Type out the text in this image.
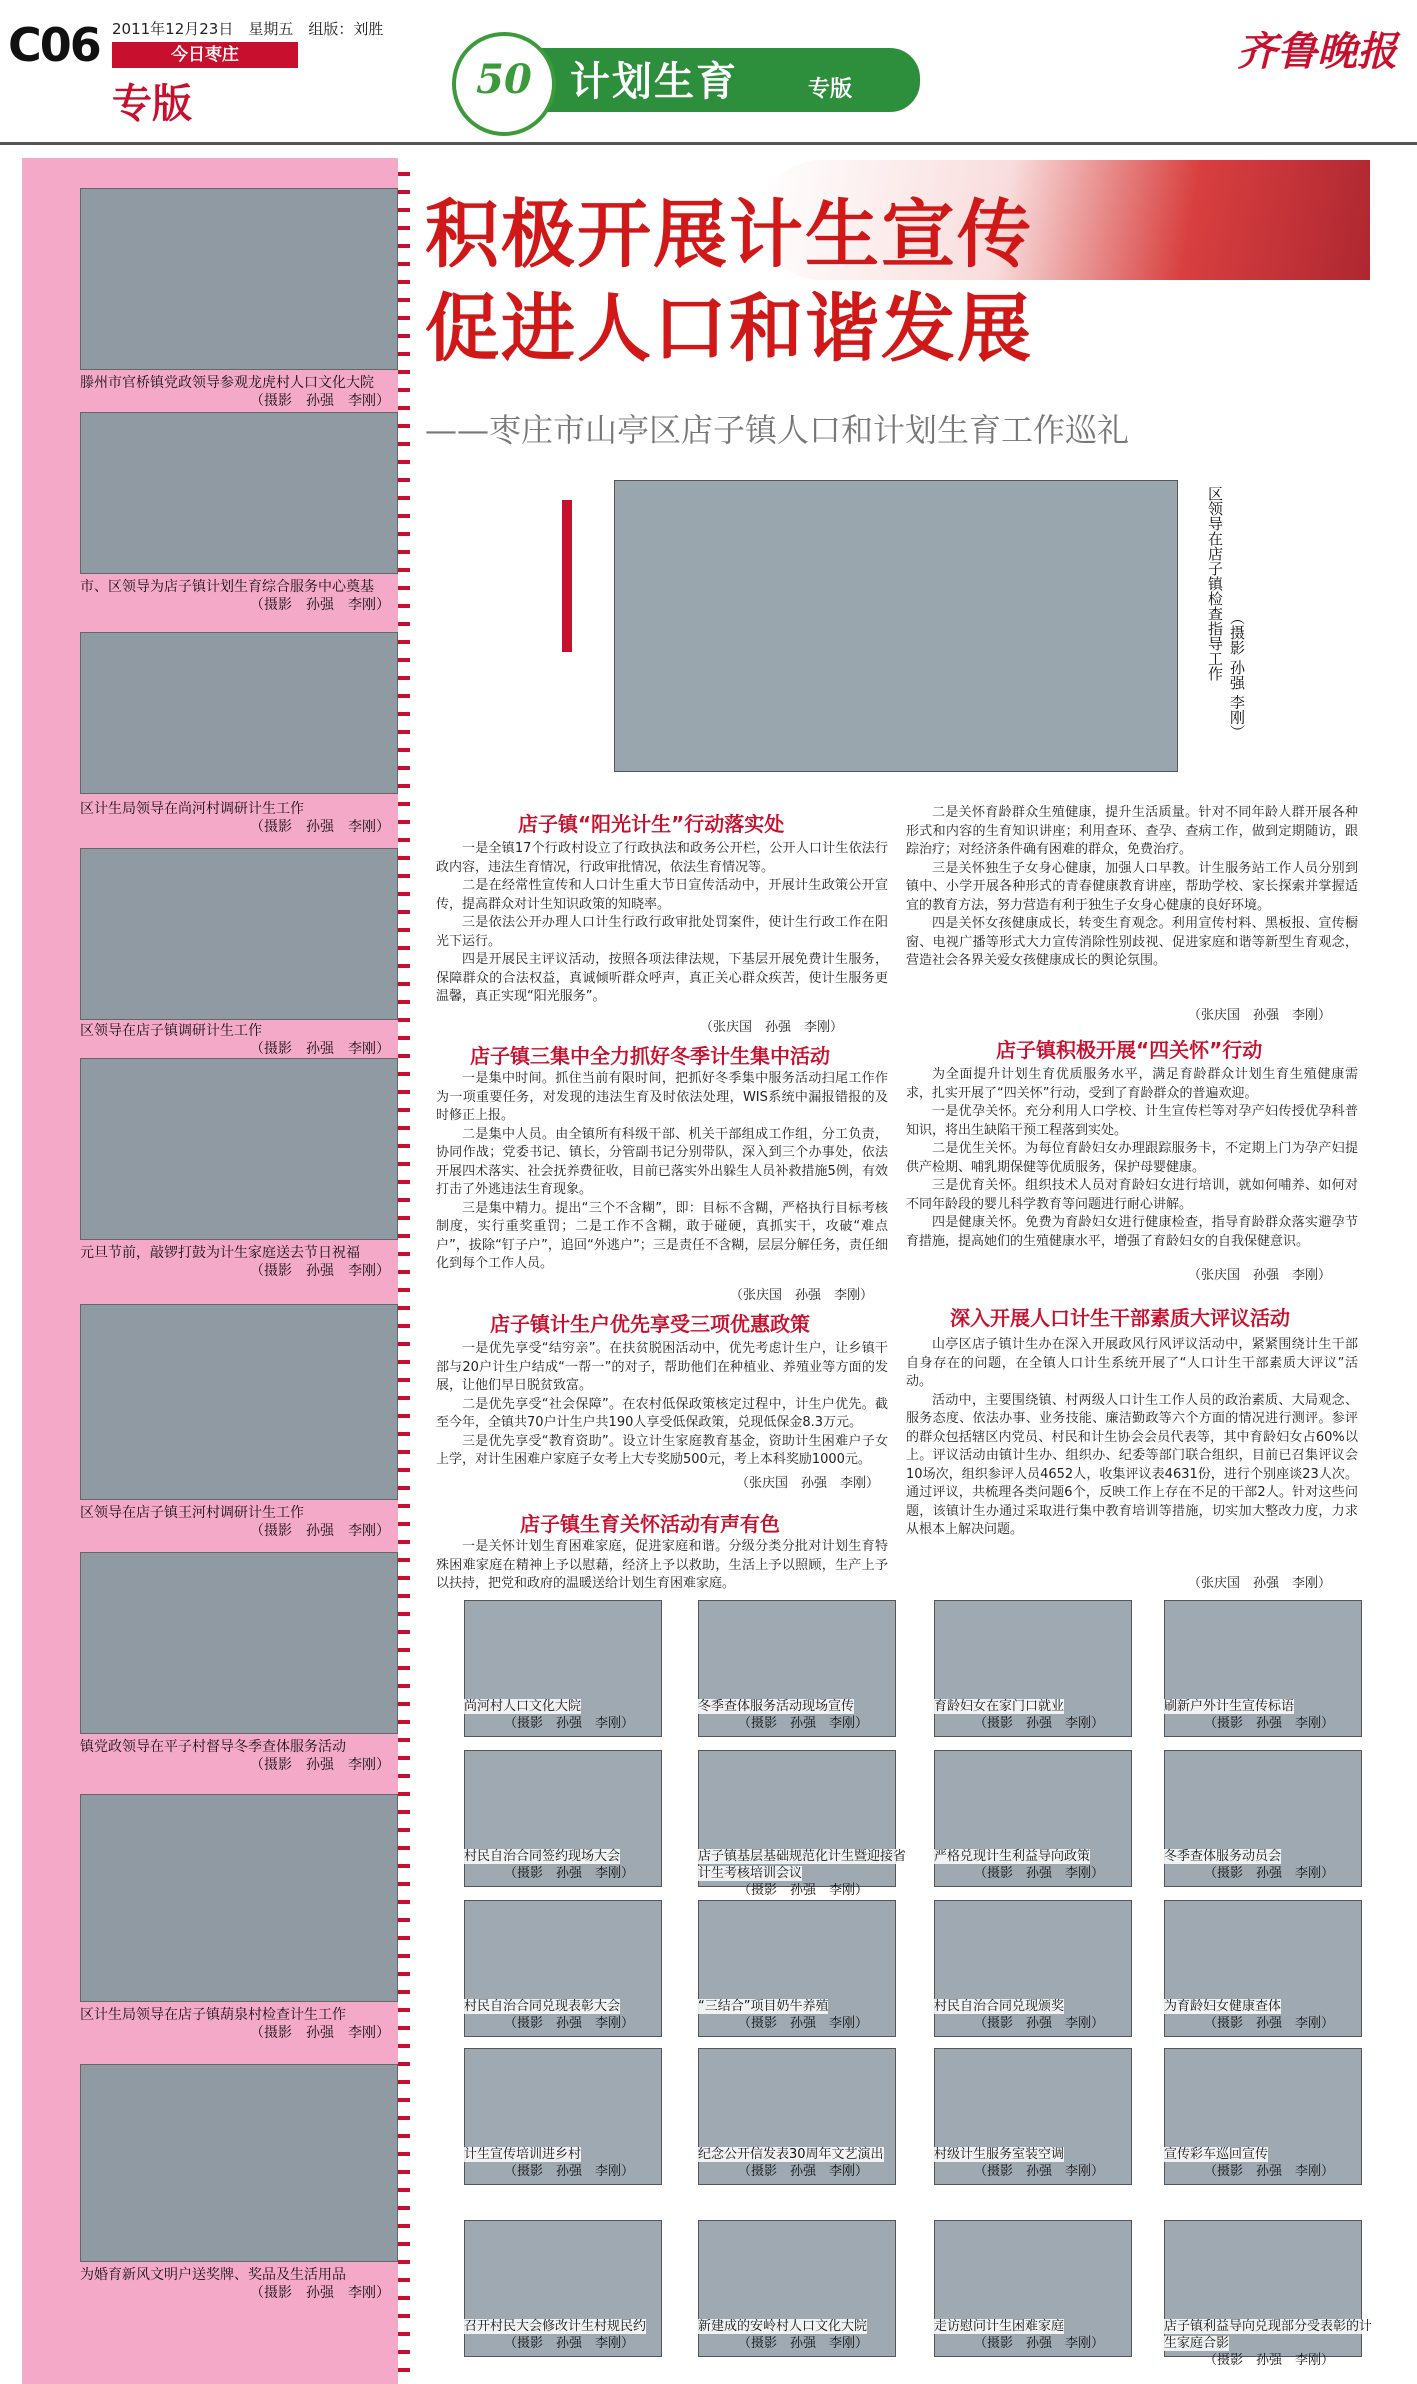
C06 2011年12月23日　星期五　组版：刘胜
今日枣庄
专版
50 计划生育	专版
齐鲁晚报
滕州市官桥镇党政领导参观龙虎村人口文化大院
（摄影　孙强　李刚）
市、区领导为店子镇计划生育综合服务中心奠基
（摄影　孙强　李刚）
区计生局领导在尚河村调研计生工作
（摄影　孙强　李刚）
区领导在店子镇调研计生工作
（摄影　孙强　李刚）
元旦节前，敲锣打鼓为计生家庭送去节日祝福
（摄影　孙强　李刚）
区领导在店子镇王河村调研计生工作
（摄影　孙强　李刚）
镇党政领导在平子村督导冬季查体服务活动
（摄影　孙强　李刚）
区计生局领导在店子镇葫泉村检查计生工作
（摄影　孙强　李刚）
为婚育新风文明户送奖牌、奖品及生活用品
（摄影　孙强　李刚）
积极开展计生宣传
促进人口和谐发展
——枣庄市山亭区店子镇人口和计划生育工作巡礼
区领导在店子镇检查指导工作 （摄影 孙强 李刚）
店子镇“阳光计生”行动落实处

一是全镇17个行政村设立了行政执法和政务公开栏，公开人口计生依法行政内容，违法生育情况，行政审批情况，依法生育情况等。

二是在经常性宣传和人口计生重大节日宣传活动中，开展计生政策公开宣传，提高群众对计生知识政策的知晓率。

三是依法公开办理人口计生行政行政审批处罚案件，使计生行政工作在阳光下运行。

四是开展民主评议活动，按照各项法律法规，下基层开展免费计生服务，保障群众的合法权益，真诚倾听群众呼声，真正关心群众疾苦，使计生服务更温馨，真正实现“阳光服务”。

（张庆国　孙强　李刚）
店子镇三集中全力抓好冬季计生集中活动

一是集中时间。抓住当前有限时间，把抓好冬季集中服务活动扫尾工作作为一项重要任务，对发现的违法生育及时依法处理，WIS系统中漏报错报的及时修正上报。

二是集中人员。由全镇所有科级干部、机关干部组成工作组，分工负责，协同作战；党委书记、镇长，分管副书记分别带队，深入到三个办事处，依法开展四术落实、社会抚养费征收，目前已落实外出躲生人员补救措施5例，有效打击了外逃违法生育现象。

三是集中精力。提出“三个不含糊”，即：目标不含糊，严格执行目标考核制度，实行重奖重罚；二是工作不含糊，敢于碰硬，真抓实干，攻破“难点户”，拔除“钉子户”，追回“外逃户”；三是责任不含糊，层层分解任务，责任细化到每个工作人员。

（张庆国　孙强　李刚）
店子镇计生户优先享受三项优惠政策

一是优先享受“结穷亲”。在扶贫脱困活动中，优先考虑计生户，让乡镇干部与20户计生户结成“一帮一”的对子，帮助他们在种植业、养殖业等方面的发展，让他们早日脱贫致富。

二是优先享受“社会保障”。在农村低保政策核定过程中，计生户优先。截至今年，全镇共70户计生户共190人享受低保政策，兑现低保金8.3万元。

三是优先享受“教育资助”。设立计生家庭教育基金，资助计生困难户子女上学，对计生困难户家庭子女考上大专奖励500元，考上本科奖励1000元。

（张庆国　孙强　李刚）
店子镇生育关怀活动有声有色

一是关怀计划生育困难家庭，促进家庭和谐。分级分类分批对计划生育特殊困难家庭在精神上予以慰藉，经济上予以救助，生活上予以照顾，生产上予以扶持，把党和政府的温暖送给计划生育困难家庭。

二是关怀育龄群众生殖健康，提升生活质量。针对不同年龄人群开展各种形式和内容的生育知识讲座；利用查环、查孕、查病工作，做到定期随访，跟踪治疗；对经济条件确有困难的群众，免费治疗。

三是关怀独生子女身心健康，加强人口早教。计生服务站工作人员分别到镇中、小学开展各种形式的青春健康教育讲座，帮助学校、家长探索并掌握适宜的教育方法，努力营造有利于独生子女身心健康的良好环境。

四是关怀女孩健康成长，转变生育观念。利用宣传村料、黑板报、宣传橱窗、电视广播等形式大力宣传消除性别歧视、促进家庭和谐等新型生育观念，营造社会各界关爱女孩健康成长的舆论氛围。

（张庆国　孙强　李刚）
店子镇积极开展“四关怀”行动

为全面提升计划生育优质服务水平，满足育龄群众计划生育生殖健康需求，扎实开展了“四关怀”行动，受到了育龄群众的普遍欢迎。

一是优孕关怀。充分利用人口学校、计生宣传栏等对孕产妇传授优孕科普知识，将出生缺陷干预工程落到实处。

二是优生关怀。为每位育龄妇女办理跟踪服务卡，不定期上门为孕产妇提供产检期、哺乳期保健等优质服务，保护母婴健康。

三是优育关怀。组织技术人员对育龄妇女进行培训，就如何哺养、如何对不同年龄段的婴儿科学教育等问题进行耐心讲解。

四是健康关怀。免费为育龄妇女进行健康检查，指导育龄群众落实避孕节育措施，提高她们的生殖健康水平，增强了育龄妇女的自我保健意识。

（张庆国　孙强　李刚）
深入开展人口计生干部素质大评议活动

山亭区店子镇计生办在深入开展政风行风评议活动中，紧紧围绕计生干部自身存在的问题，在全镇人口计生系统开展了“人口计生干部素质大评议”活动。

活动中，主要围绕镇、村两级人口计生工作人员的政治素质、大局观念、服务态度、依法办事、业务技能、廉洁勤政等六个方面的情况进行测评。参评的群众包括辖区内党员、村民和计生协会会员代表等，其中育龄妇女占60%以上。评议活动由镇计生办、组织办、纪委等部门联合组织，目前已召集评议会10场次，组织参评人员4652人，收集评议表4631份，进行个别座谈23人次。通过评议，共梳理各类问题6个，反映工作上存在不足的干部2人。针对这些问题，该镇计生办通过采取进行集中教育培训等措施，切实加大整改力度，力求从根本上解决问题。

（张庆国　孙强　李刚）
尚河村人口文化大院
（摄影　孙强　李刚）
冬季查体服务活动现场宣传
（摄影　孙强　李刚）
育龄妇女在家门口就业
（摄影　孙强　李刚）
刷新户外计生宣传标语
（摄影　孙强　李刚）
村民自治合同签约现场大会
（摄影　孙强　李刚）
店子镇基层基础规范化计生暨迎接省计生考核培训会议
（摄影　孙强　李刚）
严格兑现计生利益导向政策
（摄影　孙强　李刚）
冬季查体服务动员会
（摄影　孙强　李刚）
村民自治合同兑现表彰大会
（摄影　孙强　李刚）
“三结合”项目奶牛养殖
（摄影　孙强　李刚）
村民自治合同兑现颁奖
（摄影　孙强　李刚）
为育龄妇女健康查体
（摄影　孙强　李刚）
计生宣传培训进乡村
（摄影　孙强　李刚）
纪念公开信发表30周年文艺演出
（摄影　孙强　李刚）
村级计生服务室装空调
（摄影　孙强　李刚）
宣传彩车巡回宣传
（摄影　孙强　李刚）
召开村民大会修改计生村规民约
（摄影　孙强　李刚）
新建成的安岭村人口文化大院
（摄影　孙强　李刚）
走访慰问计生困难家庭
（摄影　孙强　李刚）
店子镇利益导向兑现部分受表彰的计生家庭合影
（摄影　孙强　李刚）
